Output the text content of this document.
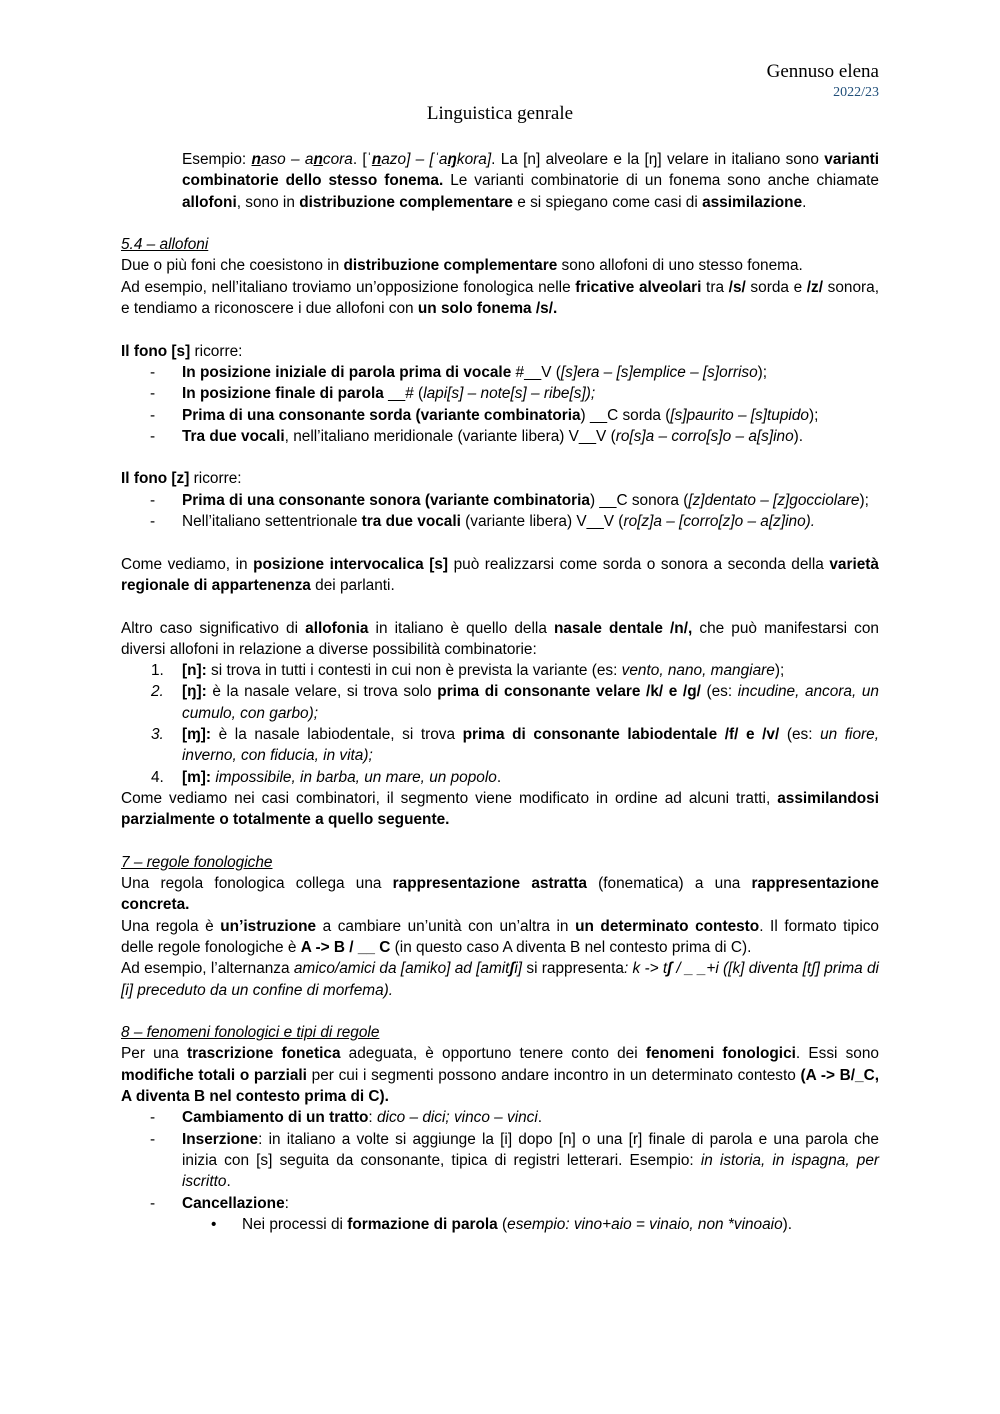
Gennuso elena
2022/23
Linguistica genrale

Esempio: naso – ancora. [ˈnazo] – [ˈaŋkora]. La [n] alveolare e la [ŋ] velare in italiano sono varianti combinatorie dello stesso fonema. Le varianti combinatorie di un fonema sono anche chiamate allofoni, sono in distribuzione complementare e si spiegano come casi di assimilazione.

5.4 – allofoni

Due o più foni che coesistono in distribuzione complementare sono allofoni di uno stesso fonema.

Ad esempio, nell’italiano troviamo un’opposizione fonologica nelle fricative alveolari tra /s/ sorda e /z/ sonora, e tendiamo a riconoscere i due allofoni con un solo fonema /s/.

Il fono [s] ricorre:

- In posizione iniziale di parola prima di vocale #__V ([s]era – [s]emplice – [s]orriso);
- In posizione finale di parola __# (lapi[s] – note[s] – ribe[s]);
- Prima di una consonante sorda (variante combinatoria) __C sorda ([s]paurito – [s]tupido);
- Tra due vocali, nell’italiano meridionale (variante libera) V__V (ro[s]a – corro[s]o – a[s]ino).

Il fono [z] ricorre:

- Prima di una consonante sonora (variante combinatoria) __C sonora ([z]dentato – [z]gocciolare);
- Nell’italiano settentrionale tra due vocali (variante libera) V__V (ro[z]a – [corro[z]o – a[z]ino).

Come vediamo, in posizione intervocalica [s] può realizzarsi come sorda o sonora a seconda della varietà regionale di appartenenza dei parlanti.

Altro caso significativo di allofonia in italiano è quello della nasale dentale /n/, che può manifestarsi con diversi allofoni in relazione a diverse possibilità combinatorie:

1. [n]: si trova in tutti i contesti in cui non è prevista la variante (es: vento, nano, mangiare);
2. [ŋ]: è la nasale velare, si trova solo prima di consonante velare /k/ e /g/ (es: incudine, ancora, un cumulo, con garbo);
3. [ɱ]: è la nasale labiodentale, si trova prima di consonante labiodentale /f/ e /v/ (es: un fiore, inverno, con fiducia, in vita);
4. [m]: impossibile, in barba, un mare, un popolo.

Come vediamo nei casi combinatori, il segmento viene modificato in ordine ad alcuni tratti, assimilandosi parzialmente o totalmente a quello seguente.

7 – regole fonologiche

Una regola fonologica collega una rappresentazione astratta (fonematica) a una rappresentazione concreta.

Una regola è un’istruzione a cambiare un’unità con un’altra in un determinato contesto. Il formato tipico delle regole fonologiche è A -> B / __ C (in questo caso A diventa B nel contesto prima di C).

Ad esempio, l’alternanza amico/amici da [amiko] ad [amitʃi] si rappresenta: k -> tʃ / _ _+i ([k] diventa [tʃ] prima di [i] preceduto da un confine di morfema).

8 – fenomeni fonologici e tipi di regole

Per una trascrizione fonetica adeguata, è opportuno tenere conto dei fenomeni fonologici. Essi sono modifiche totali o parziali per cui i segmenti possono andare incontro in un determinato contesto (A -> B/_C, A diventa B nel contesto prima di C).

- Cambiamento di un tratto: dico – dici; vinco – vinci.
- Inserzione: in italiano a volte si aggiunge la [i] dopo [n] o una [r] finale di parola e una parola che inizia con [s] seguita da consonante, tipica di registri letterari. Esempio: in istoria, in ispagna, per iscritto.
- Cancellazione:
• Nei processi di formazione di parola (esempio: vino+aio = vinaio, non *vinoaio).
